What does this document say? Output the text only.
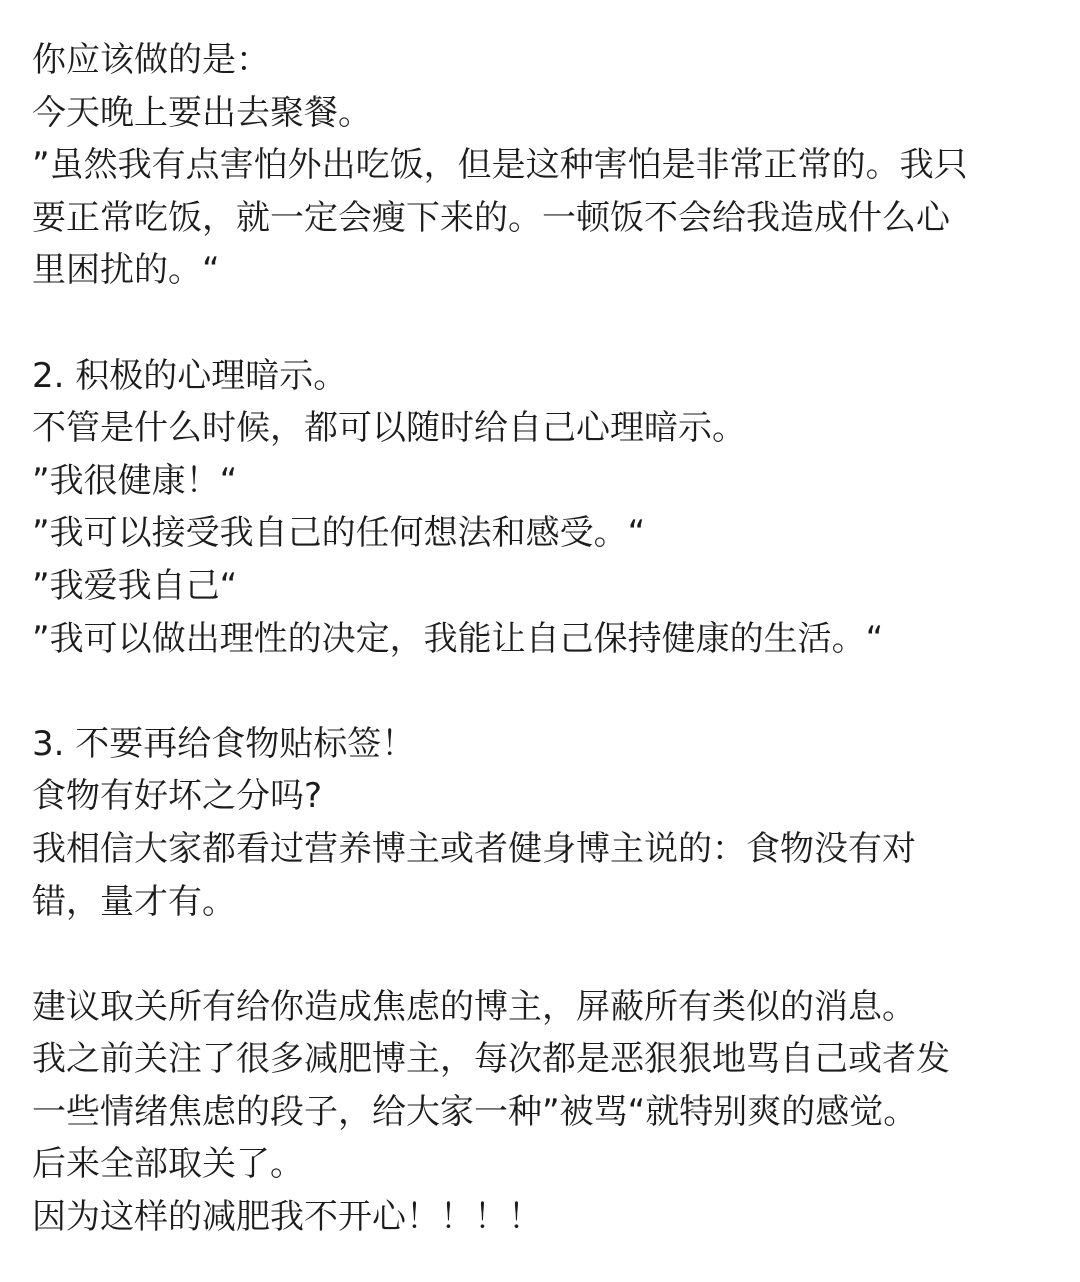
你应该做的是：
今天晚上要出去聚餐。
”虽然我有点害怕外出吃饭，但是这种害怕是非常正常的。我只
要正常吃饭，就一定会瘦下来的。一顿饭不会给我造成什么心
里困扰的。“
2. 积极的心理暗示。
不管是什么时候，都可以随时给自己心理暗示。
”我很健康！“
”我可以接受我自己的任何想法和感受。“
”我爱我自己“
”我可以做出理性的决定，我能让自己保持健康的生活。“
3. 不要再给食物贴标签！
食物有好坏之分吗?
我相信大家都看过营养博主或者健身博主说的：食物没有对
错，量才有。
建议取关所有给你造成焦虑的博主，屏蔽所有类似的消息。
我之前关注了很多减肥博主，每次都是恶狠狠地骂自己或者发
一些情绪焦虑的段子，给大家一种”被骂“就特别爽的感觉。
后来全部取关了。
因为这样的减肥我不开心！！！！
